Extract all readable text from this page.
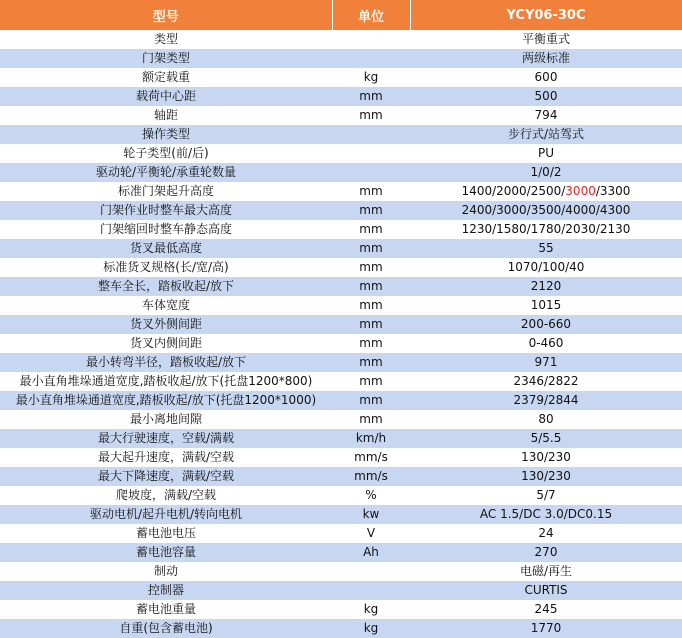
型号	单位	YCY06-30C
类型		平衡重式
门架类型		两级标准
额定载重	kg	600
载荷中心距	mm	500
轴距	mm	794
操作类型		步行式/站驾式
轮子类型(前/后)		PU
驱动轮/平衡轮/承重轮数量		1/0/2
标准门架起升高度	mm	1400/2000/2500/3000/3300
门架作业时整车最大高度	mm	2400/3000/3500/4000/4300
门架缩回时整车静态高度	mm	1230/1580/1780/2030/2130
货叉最低高度	mm	55
标准货叉规格(长/宽/高)	mm	1070/100/40
整车全长，踏板收起/放下	mm	2120
车体宽度	mm	1015
货叉外侧间距	mm	200-660
货叉内侧间距	mm	0-460
最小转弯半径，踏板收起/放下	mm	971
最小直角堆垛通道宽度,踏板收起/放下(托盘1200*800)	mm	2346/2822
最小直角堆垛通道宽度,踏板收起/放下(托盘1200*1000)	mm	2379/2844
最小离地间隙	mm	80
最大行驶速度，空载/满载	km/h	5/5.5
最大起升速度，满载/空载	mm/s	130/230
最大下降速度，满载/空载	mm/s	130/230
爬坡度，满载/空载	%	5/7
驱动电机/起升电机/转向电机	kw	AC 1.5/DC 3.0/DC0.15
蓄电池电压	V	24
蓄电池容量	Ah	270
制动		电磁/再生
控制器		CURTIS
蓄电池重量	kg	245
自重(包含蓄电池)	kg	1770
